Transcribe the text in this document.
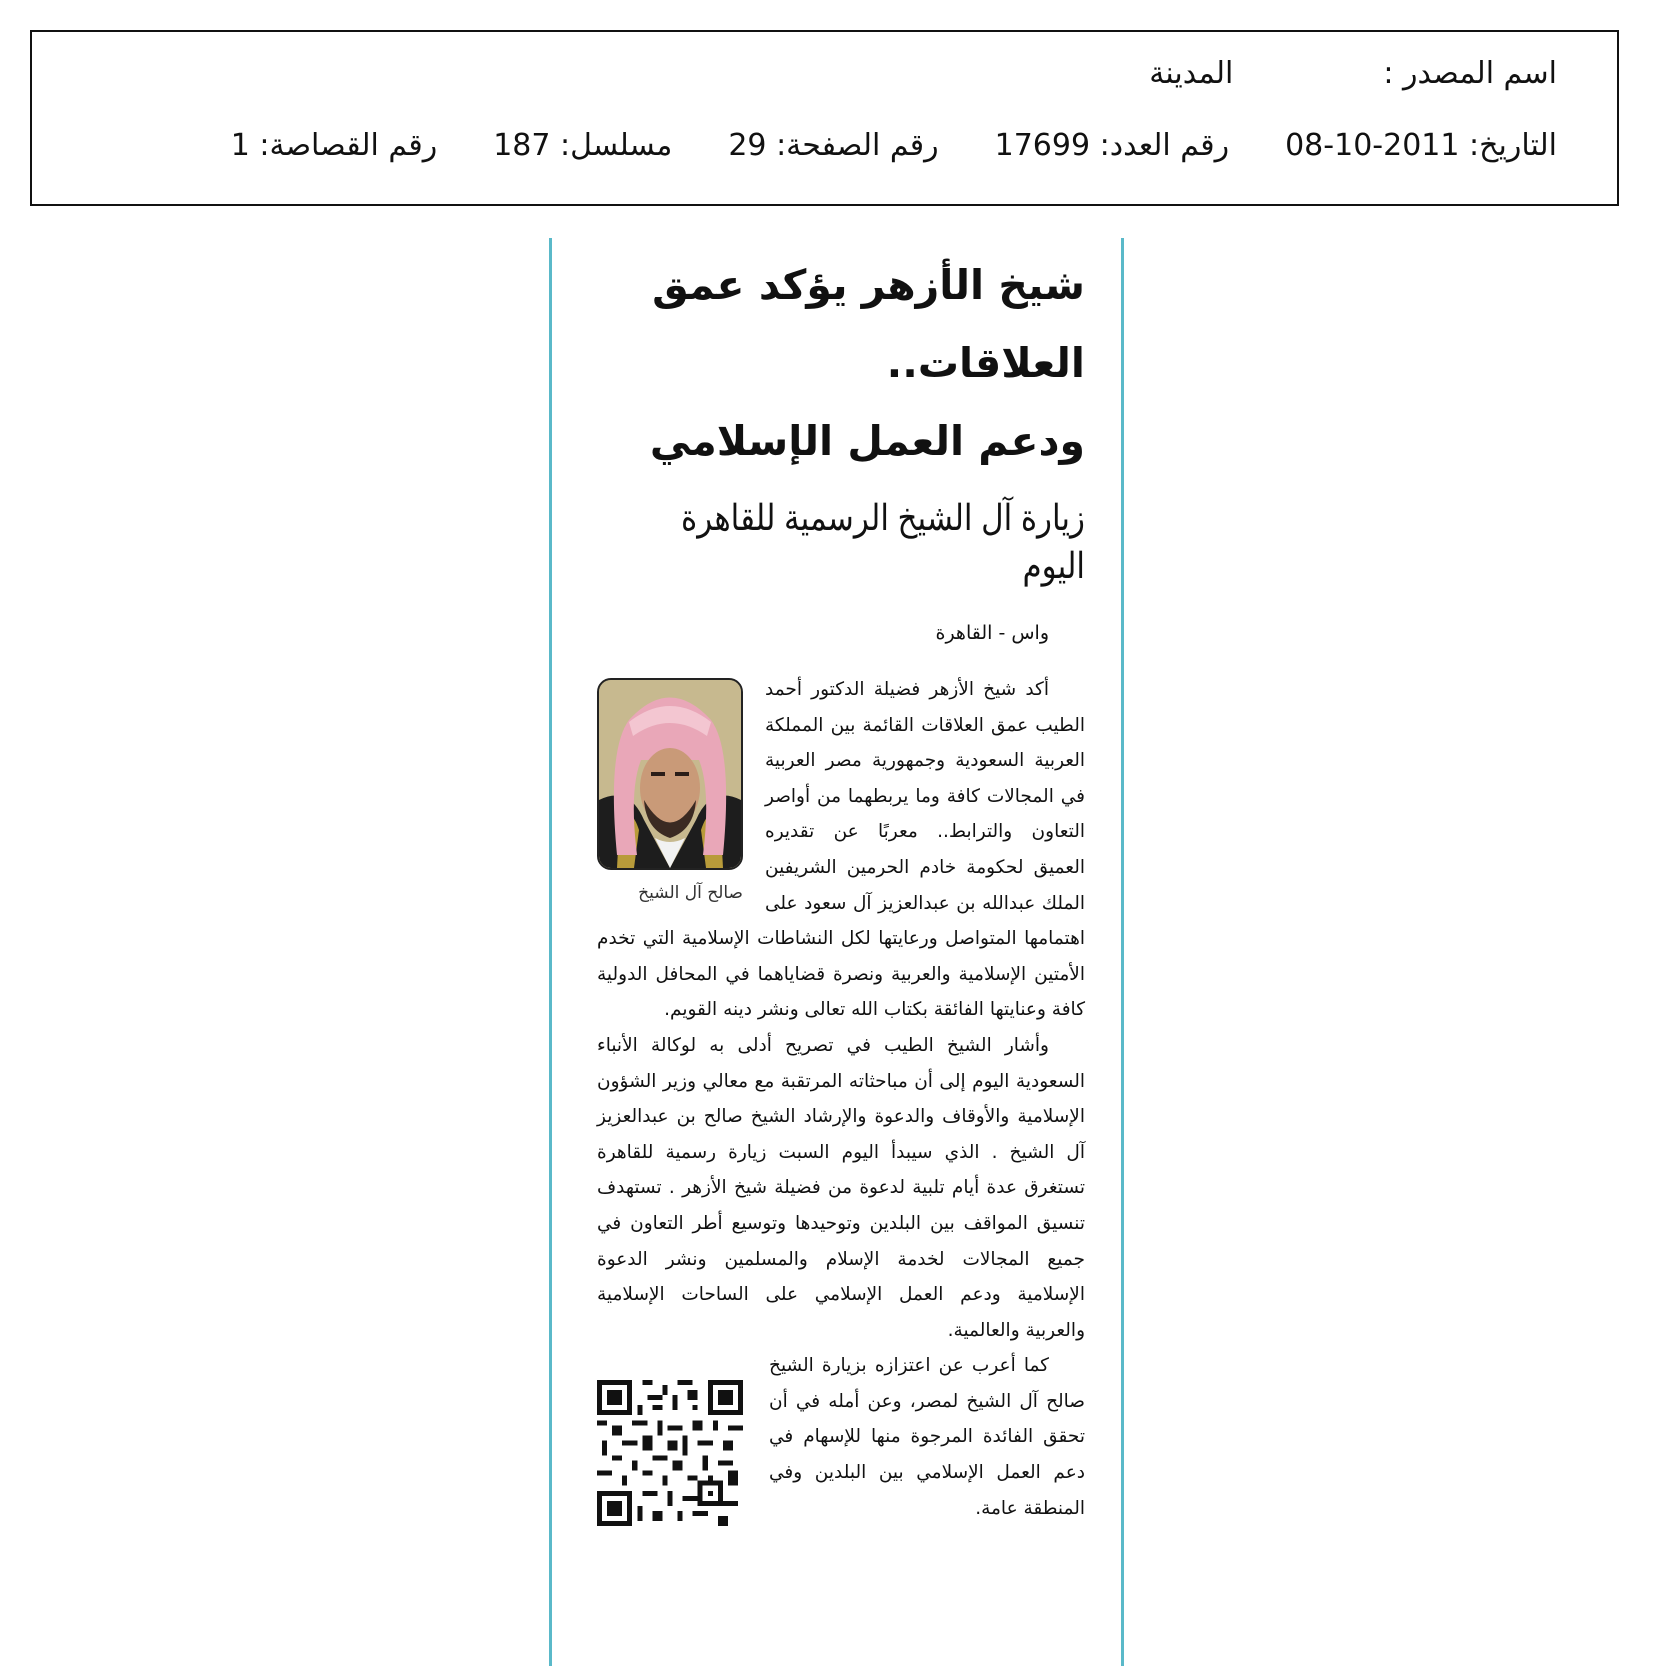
اسم المصدر :
المدينة
التاريخ: 2011-10-08
رقم العدد: 17699
رقم الصفحة: 29
مسلسل: 187
رقم القصاصة: 1
شيخ الأزهر يؤكد عمق العلاقات..
ودعم العمل الإسلامي
زيارة آل الشيخ الرسمية للقاهرة اليوم
واس - القاهرة
صالح آل الشيخ

أكد شيخ الأزهر فضيلة الدكتور أحمد الطيب عمق العلاقات القائمة بين المملكة العربية السعودية وجمهورية مصر العربية في المجالات كافة وما يربطهما من أواصر التعاون والترابط.. معربًا عن تقديره العميق لحكومة خادم الحرمين الشريفين الملك عبدالله بن عبدالعزيز آل سعود على اهتمامها المتواصل ورعايتها لكل النشاطات الإسلامية التي تخدم الأمتين الإسلامية والعربية ونصرة قضاياهما في المحافل الدولية كافة وعنايتها الفائقة بكتاب الله تعالى ونشر دينه القويم.

وأشار الشيخ الطيب في تصريح أدلى به لوكالة الأنباء السعودية اليوم إلى أن مباحثاته المرتقبة مع معالي وزير الشؤون الإسلامية والأوقاف والدعوة والإرشاد الشيخ صالح بن عبدالعزيز آل الشيخ . الذي سيبدأ اليوم السبت زيارة رسمية للقاهرة تستغرق عدة أيام تلبية لدعوة من فضيلة شيخ الأزهر . تستهدف تنسيق المواقف بين البلدين وتوحيدها وتوسيع أطر التعاون في جميع المجالات لخدمة الإسلام والمسلمين ونشر الدعوة الإسلامية ودعم العمل الإسلامي على الساحات الإسلامية والعربية والعالمية.

كما أعرب عن اعتزازه بزيارة الشيخ صالح آل الشيخ لمصر، وعن أمله في أن تحقق الفائدة المرجوة منها للإسهام في دعم العمل الإسلامي بين البلدين وفي المنطقة عامة.
